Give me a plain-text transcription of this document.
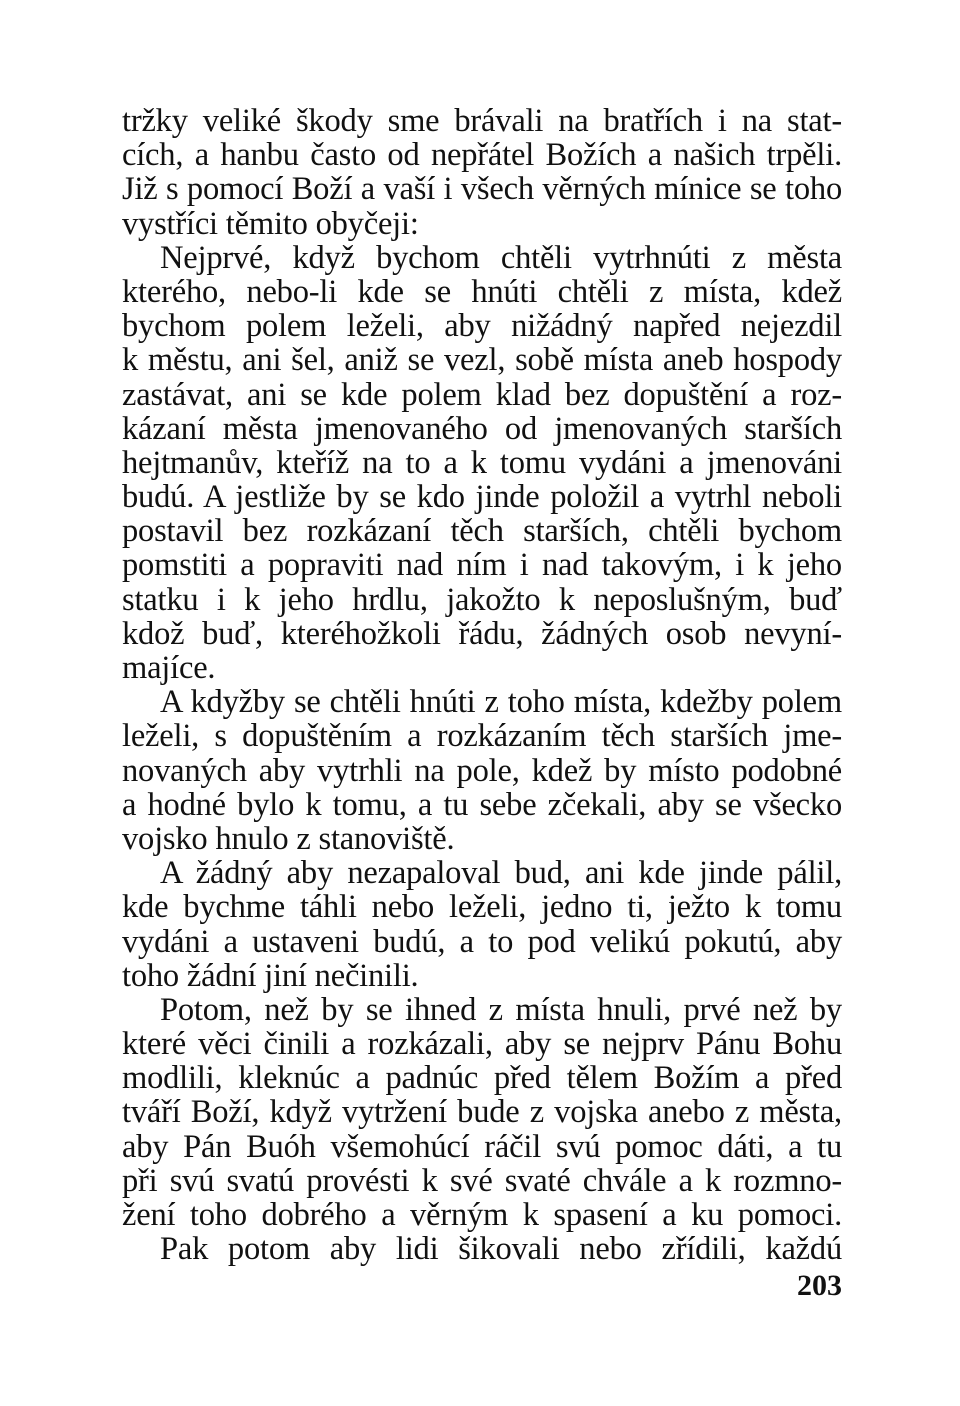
tržky veliké škody sme brávali na bratřích i na stat-
cích, a hanbu často od nepřátel Božích a našich trpěli.
Již s pomocí Boží a vaší i všech věrných mínice se toho
vystříci těmito obyčeji:
Nejprvé, když bychom chtěli vytrhnúti z města
kterého, nebo-li kde se hnúti chtěli z místa, kdež
bychom polem leželi, aby nižádný napřed nejezdil
k městu, ani šel, aniž se vezl, sobě místa aneb hospody
zastávat, ani se kde polem klad bez dopuštění a roz-
kázaní města jmenovaného od jmenovaných starších
hejtmanův, kteříž na to a k tomu vydáni a jmenováni
budú. A jestliže by se kdo jinde položil a vytrhl neboli
postavil bez rozkázaní těch starších, chtěli bychom
pomstiti a popraviti nad ním i nad takovým, i k jeho
statku i k jeho hrdlu, jakožto k neposlušným, buď
kdož buď, kteréhožkoli řádu, žádných osob nevyní-
majíce.
A kdyžby se chtěli hnúti z toho místa, kdežby polem
leželi, s dopuštěním a rozkázaním těch starších jme-
novaných aby vytrhli na pole, kdež by místo podobné
a hodné bylo k tomu, a tu sebe zčekali, aby se všecko
vojsko hnulo z stanoviště.
A žádný aby nezapaloval bud, ani kde jinde pálil,
kde bychme táhli nebo leželi, jedno ti, ježto k tomu
vydáni a ustaveni budú, a to pod velikú pokutú, aby
toho žádní jiní nečinili.
Potom, než by se ihned z místa hnuli, prvé než by
které věci činili a rozkázali, aby se nejprv Pánu Bohu
modlili, kleknúc a padnúc před tělem Božím a před
tváří Boží, když vytržení bude z vojska anebo z města,
aby Pán Buóh všemohúcí ráčil svú pomoc dáti, a tu
při svú svatú provésti k své svaté chvále a k rozmno-
žení toho dobrého a věrným k spasení a ku pomoci.
Pak potom aby lidi šikovali nebo zřídili, každú
203
